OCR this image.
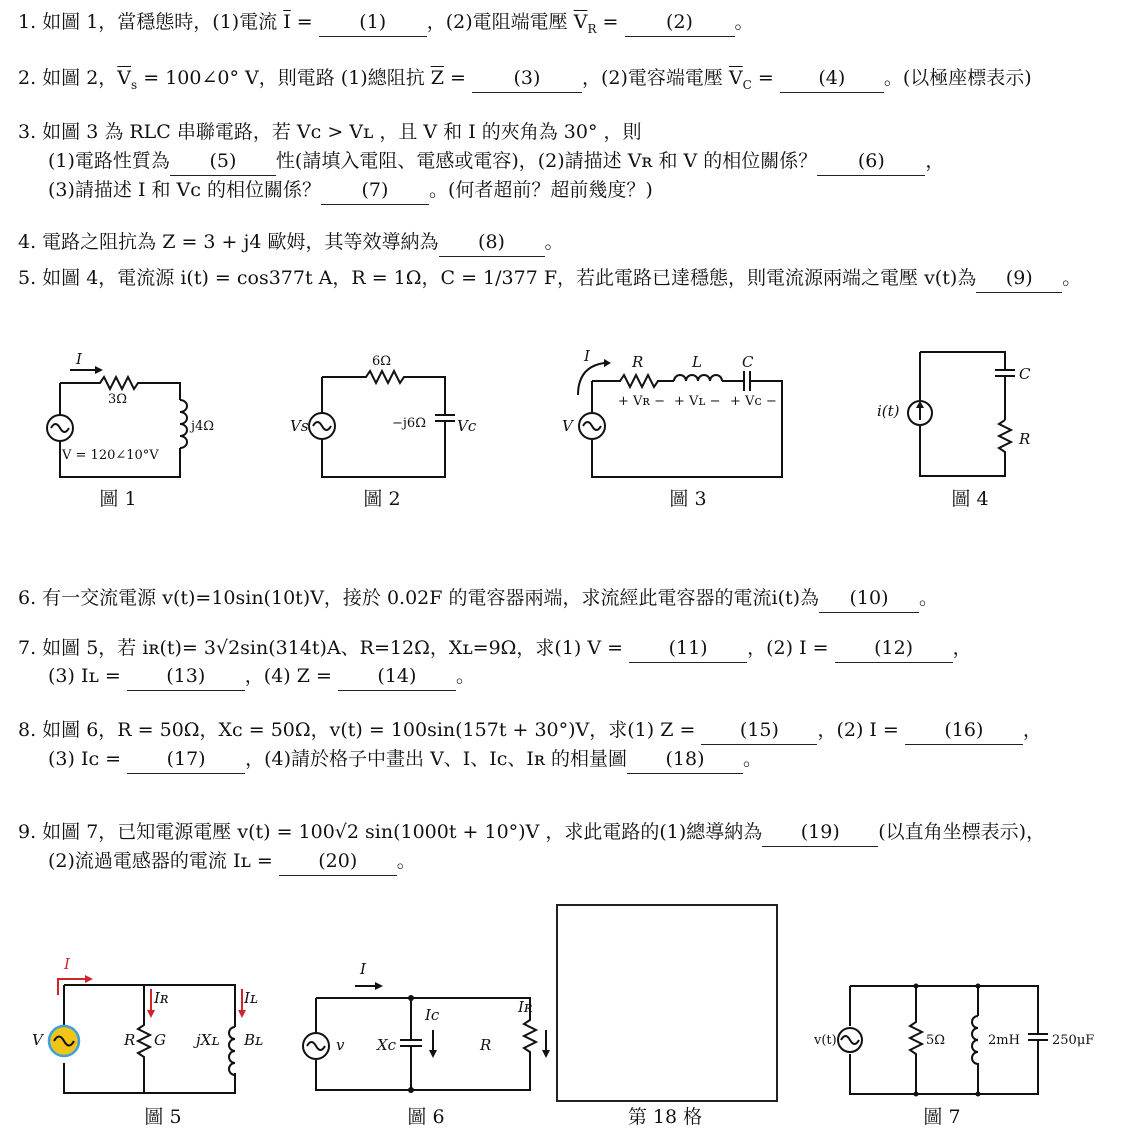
1. 如圖 1，當穩態時，(1)電流 $\overline{I} = (1)$ ，(2)電阻端電壓 $\overline{V}_R = (2)$ 。
2. 如圖 2，$\overline{V}_s$ = 100∠0° V，則電路 (1)總阻抗 $\overline{Z} = (3)$ ，(2)電容端電壓 $\overline{V}_C = (4)$ 。(以極座標表示)
3. 如圖 3 為 RLC 串聯電路，若 Vᴄ > Vʟ ，且 V 和 I 的夾角為 30° ，則
(1)電路性質為 (5) 性(請填入電阻、電感或電容)，(2)請描述 Vʀ 和 V 的相位關係？ (6) ，
(3)請描述 I 和 Vᴄ 的相位關係？ (7) 。(何者超前？超前幾度？)
4. 電路之阻抗為 Z = 3 + j4 歐姆，其等效導納為 (8) 。
5. 如圖 4，電流源 i(t) = cos377t A，R = 1Ω，C = 1/377 F，若此電路已達穩態，則電流源兩端之電壓 v(t)為 (9) 。
I
3Ω
j4Ω
V = 120∠10°V
圖 1
6Ω
−j6Ω
Vs	Vc
圖 2
I	R	L	C
V
+ Vʀ − + Vʟ − + Vᴄ −
圖 3
i(t)
C
R
圖 4
6. 有一交流電源 v(t)=10sin(10t)V，接於 0.02F 的電容器兩端，求流經此電容器的電流i(t)為 (10) 。
7. 如圖 5，若 iʀ(t)= 3√2sin(314t)A、R=12Ω，Xʟ=9Ω，求(1) V = (11) ，(2) I = (12) ，
(3) Iʟ = (13) ，(4) Z = (14) 。
8. 如圖 6，R = 50Ω，Xᴄ = 50Ω，v(t) = 100sin(157t + 30°)V，求(1) Z = (15) ，(2) I = (16) ，
(3) Iᴄ = (17) ，(4)請於格子中畫出 V、I、Ic、Iʀ 的相量圖 (18) 。
9. 如圖 7，已知電源電壓 v(t) = 100√2 sin(1000t + 10°)V ，求此電路的(1)總導納為 (19) (以直角坐標表示)，
(2)流過電感器的電流 Iʟ = (20) 。
I
Iʀ	Iʟ
V	R G jXʟ Bʟ
圖 5
I
Ic	Iʀ
v Xc	R
圖 6	第 18 格
v(t)	5Ω	2mH 250μF
圖 7
